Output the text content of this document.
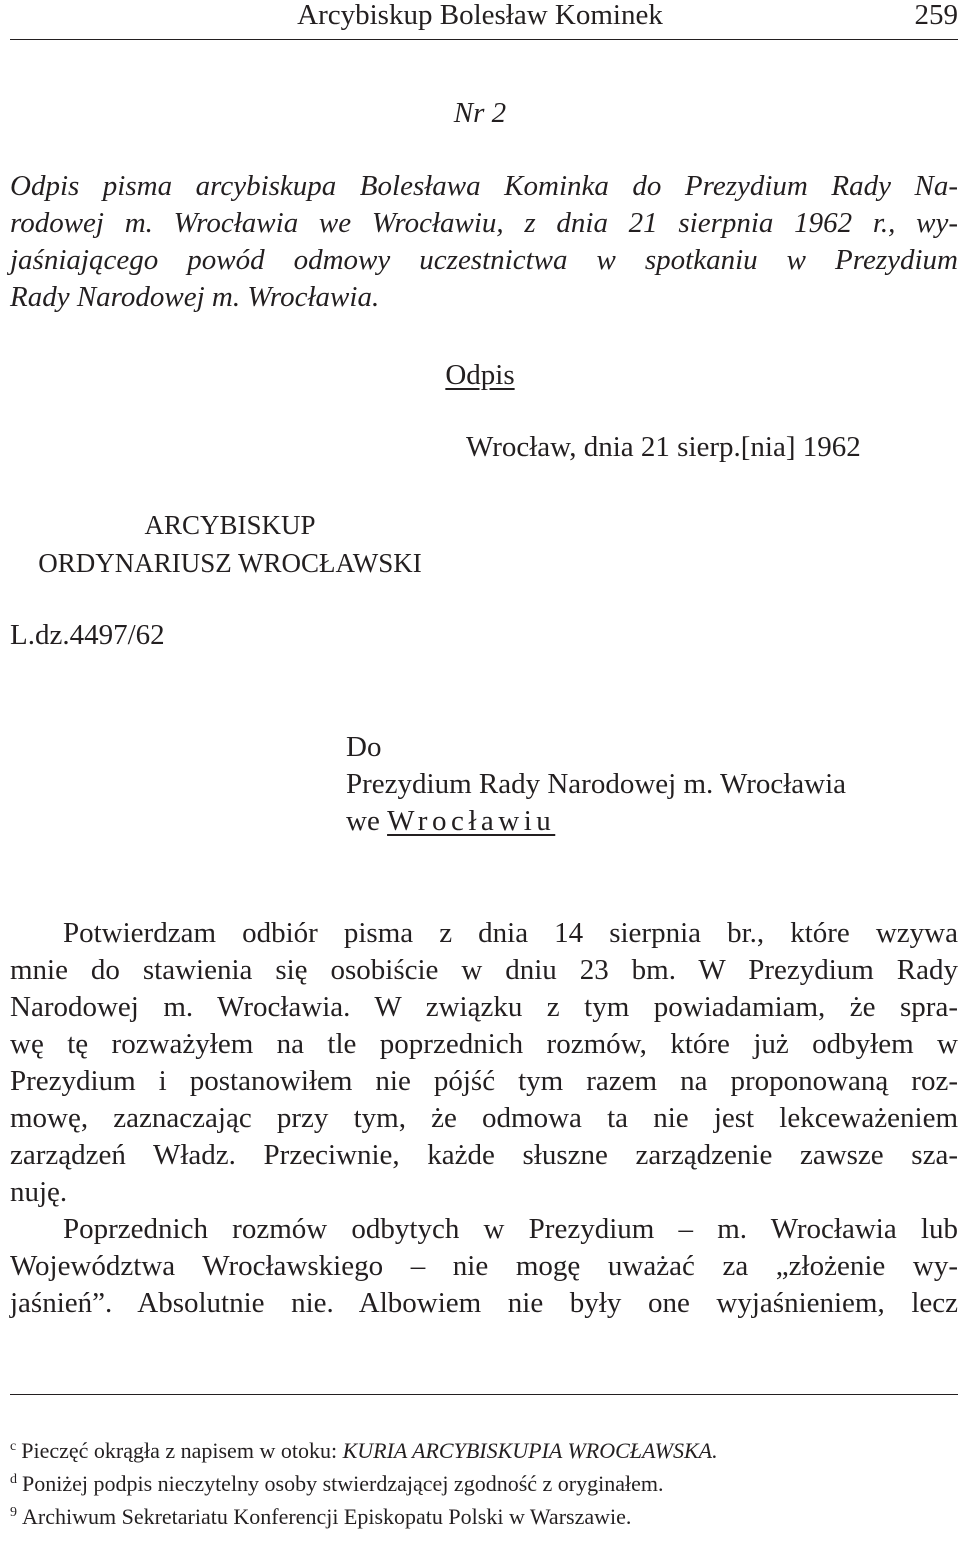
Arcybiskup Bolesław Kominek	259
Nr 2
Odpis pisma arcybiskupa Bolesława Kominka do Prezydium Rady Na-
rodowej m. Wrocławia we Wrocławiu, z dnia 21 sierpnia 1962 r., wy-
jaśniającego powód odmowy uczestnictwa w spotkaniu w Prezydium
Rady Narodowej m. Wrocławia.
Odpis
Wrocław, dnia 21 sierp.[nia] 1962
ARCYBISKUP
ORDYNARIUSZ WROCŁAWSKI
L.dz.4497/62
Do
Prezydium Rady Narodowej m. Wrocławia
we Wrocławiu
Potwierdzam odbiór pisma z dnia 14 sierpnia br., które wzywa
mnie do stawienia się osobiście w dniu 23 bm. W Prezydium Rady
Narodowej m. Wrocławia. W związku z tym powiadamiam, że spra-
wę tę rozważyłem na tle poprzednich rozmów, które już odbyłem w
Prezydium i postanowiłem nie pójść tym razem na proponowaną roz-
mowę, zaznaczając przy tym, że odmowa ta nie jest lekceważeniem
zarządzeń Władz. Przeciwnie, każde słuszne zarządzenie zawsze sza-
nuję.
Poprzednich rozmów odbytych w Prezydium – m. Wrocławia lub
Województwa Wrocławskiego – nie mogę uważać za „złożenie wy-
jaśnień”. Absolutnie nie. Albowiem nie były one wyjaśnieniem, lecz
$^c$ Pieczęć okrągła z napisem w otoku: KURIA ARCYBISKUPIA WROCŁAWSKA.
$^d$ Poniżej podpis nieczytelny osoby stwierdzającej zgodność z oryginałem.
$^9$ Archiwum Sekretariatu Konferencji Episkopatu Polski w Warszawie.
